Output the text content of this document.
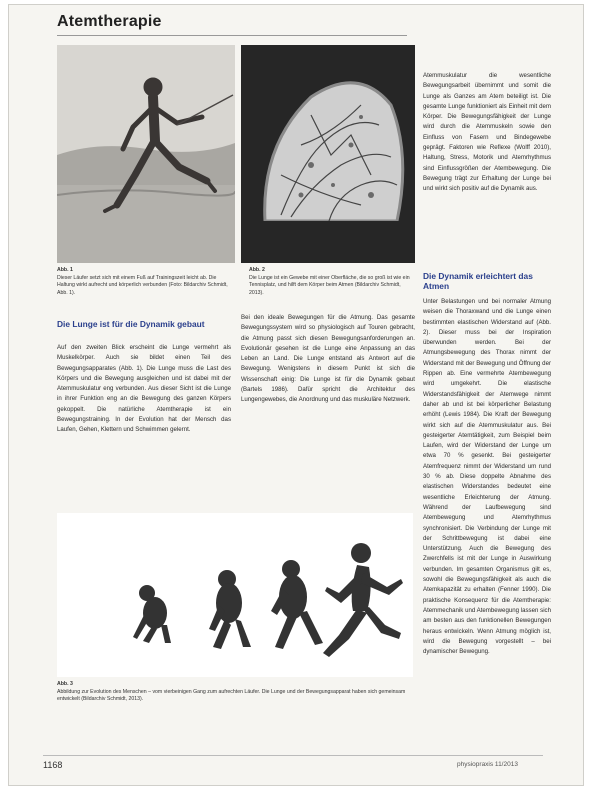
Atemtherapie
Abb. 1
Dieser Läufer setzt sich mit einem Fuß auf Trainingszeit leicht ab. Die Haltung wirkt aufrecht und körperlich verbunden (Foto: Bildarchiv Schmidt, Abb. 1).
Abb. 2
Die Lunge ist ein Gewebe mit einer Oberfläche, die so groß ist wie ein Tennisplatz, und hilft dem Körper beim Atmen (Bildarchiv Schmidt, 2013).
Die Lunge ist für die Dynamik gebaut

Auf den zweiten Blick erscheint die Lunge vermehrt als Muskelkörper. Auch sie bildet einen Teil des Bewegungsapparates (Abb. 1). Die Lunge muss die Last des Körpers und die Bewegung ausgleichen und ist dabei mit der Atemmuskulatur eng verbunden. Aus dieser Sicht ist die Lunge in ihrer Funktion eng an die Bewegung des ganzen Körpers gekoppelt. Die natürliche Atemtherapie ist ein Bewegungstraining. In der Evolution hat der Mensch das Laufen, Gehen, Klettern und Schwimmen gelernt.

Bei den ideale Bewegungen für die Atmung. Das gesamte Bewegungssystem wird so physiologisch auf Touren gebracht, die Atmung passt sich diesen Bewegungsanforderungen an. Evolutionär gesehen ist die Lunge eine Anpassung an das Leben an Land. Die Lunge entstand als Antwort auf die Bewegung. Wenigstens in diesem Punkt ist sich die Wissenschaft einig: Die Lunge ist für die Dynamik gebaut (Bartels 1986). Dafür spricht die Architektur des Lungengewebes, die Anordnung und das muskuläre Netzwerk.

Atemmuskulatur die wesentliche Bewegungsarbeit übernimmt und somit die Lunge als Ganzes am Atem beteiligt ist. Die gesamte Lunge funktioniert als Einheit mit dem Körper. Die Bewegungsfähigkeit der Lunge wird durch die Atemmuskeln sowie den Einfluss von Fasern und Bindegewebe geprägt. Faktoren wie Reflexe (Wolff 2010), Haltung, Stress, Motorik und Atemrhythmus sind Einflussgrößen der Atembewegung. Die Bewegung trägt zur Erhaltung der Lunge bei und wirkt sich positiv auf die Dynamik aus.

Die Dynamik erleichtert das Atmen

Unter Belastungen und bei normaler Atmung weisen die Thoraxwand und die Lunge einen bestimmten elastischen Widerstand auf (Abb. 2). Dieser muss bei der Inspiration überwunden werden. Bei der Atmungsbewegung des Thorax nimmt der Widerstand mit der Bewegung und Öffnung der Rippen ab. Eine vermehrte Atembewegung wird umgekehrt. Die elastische Widerstandsfähigkeit der Atemwege nimmt daher ab und ist bei körperlicher Belastung erhöht (Lewis 1984). Die Kraft der Bewegung wirkt sich auf die Atemmuskulatur aus. Bei gesteigerter Atemtätigkeit, zum Beispiel beim Laufen, wird der Widerstand der Lunge um etwa 70 % gesenkt. Bei gesteigerter Atemfrequenz nimmt der Widerstand um rund 30 % ab. Diese doppelte Abnahme des elastischen Widerstandes bedeutet eine wesentliche Erleichterung der Atmung. Während der Laufbewegung sind Atembewegung und Atemrhythmus synchronisiert. Die Verbindung der Lunge mit der Schrittbewegung ist dabei eine Unterstützung. Auch die Bewegung des Zwerchfells ist mit der Lunge in Auswirkung verbunden. Im gesamten Organismus gilt es, sowohl die Bewegungsfähigkeit als auch die Atemkapazität zu erhalten (Fenner 1990). Die praktische Konsequenz für die Atemtherapie: Atemmechanik und Atembewegung lassen sich am besten aus den funktionellen Bewegungen heraus entwickeln. Wenn Atmung möglich ist, wird die Bewegung vorgestellt – bei dynamischer Bewegung.

Abb. 3
Abbildung zur Evolution des Menschen – vom vierbeinigen Gang zum aufrechten Läufer. Die Lunge und der Bewegungsapparat haben sich gemeinsam entwickelt (Bildarchiv Schmidt, 2013).
1168	physiopraxis 11/2013
